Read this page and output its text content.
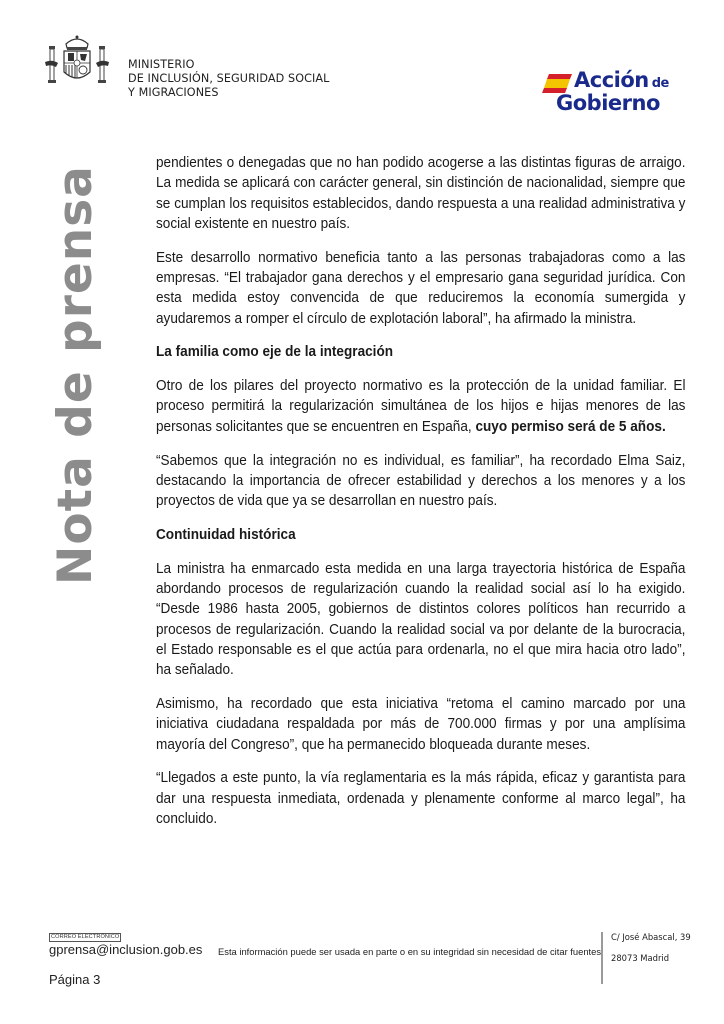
MINISTERIO
DE INCLUSIÓN, SEGURIDAD SOCIAL
Y MIGRACIONES
Acción de
Gobierno
Nota de prensa

pendientes o denegadas que no han podido acogerse a las distintas figuras de arraigo. La medida se aplicará con carácter general, sin distinción de nacionalidad, siempre que se cumplan los requisitos establecidos, dando respuesta a una realidad administrativa y social existente en nuestro país.

Este desarrollo normativo beneficia tanto a las personas trabajadoras como a las empresas. “El trabajador gana derechos y el empresario gana seguridad jurídica. Con esta medida estoy convencida de que reduciremos la economía sumergida y ayudaremos a romper el círculo de explotación laboral”, ha afirmado la ministra.

La familia como eje de la integración

Otro de los pilares del proyecto normativo es la protección de la unidad familiar. El proceso permitirá la regularización simultánea de los hijos e hijas menores de las personas solicitantes que se encuentren en España, cuyo permiso será de 5 años.

“Sabemos que la integración no es individual, es familiar”, ha recordado Elma Saiz, destacando la importancia de ofrecer estabilidad y derechos a los menores y a los proyectos de vida que ya se desarrollan en nuestro país.

Continuidad histórica

La ministra ha enmarcado esta medida en una larga trayectoria histórica de España abordando procesos de regularización cuando la realidad social así lo ha exigido. “Desde 1986 hasta 2005, gobiernos de distintos colores políticos han recurrido a procesos de regularización. Cuando la realidad social va por delante de la burocracia, el Estado responsable es el que actúa para ordenarla, no el que mira hacia otro lado”, ha señalado.

Asimismo, ha recordado que esta iniciativa “retoma el camino marcado por una iniciativa ciudadana respaldada por más de 700.000 firmas y por una amplísima mayoría del Congreso”, que ha permanecido bloqueada durante meses.

“Llegados a este punto, la vía reglamentaria es la más rápida, eficaz y garantista para dar una respuesta inmediata, ordenada y plenamente conforme al marco legal”, ha concluido.

CORREO ELECTRÓNICO
gprensa@inclusion.gob.es
Página 3
Esta información puede ser usada en parte o en su integridad sin necesidad de citar fuentes
C/ José Abascal, 39
28073 Madrid
